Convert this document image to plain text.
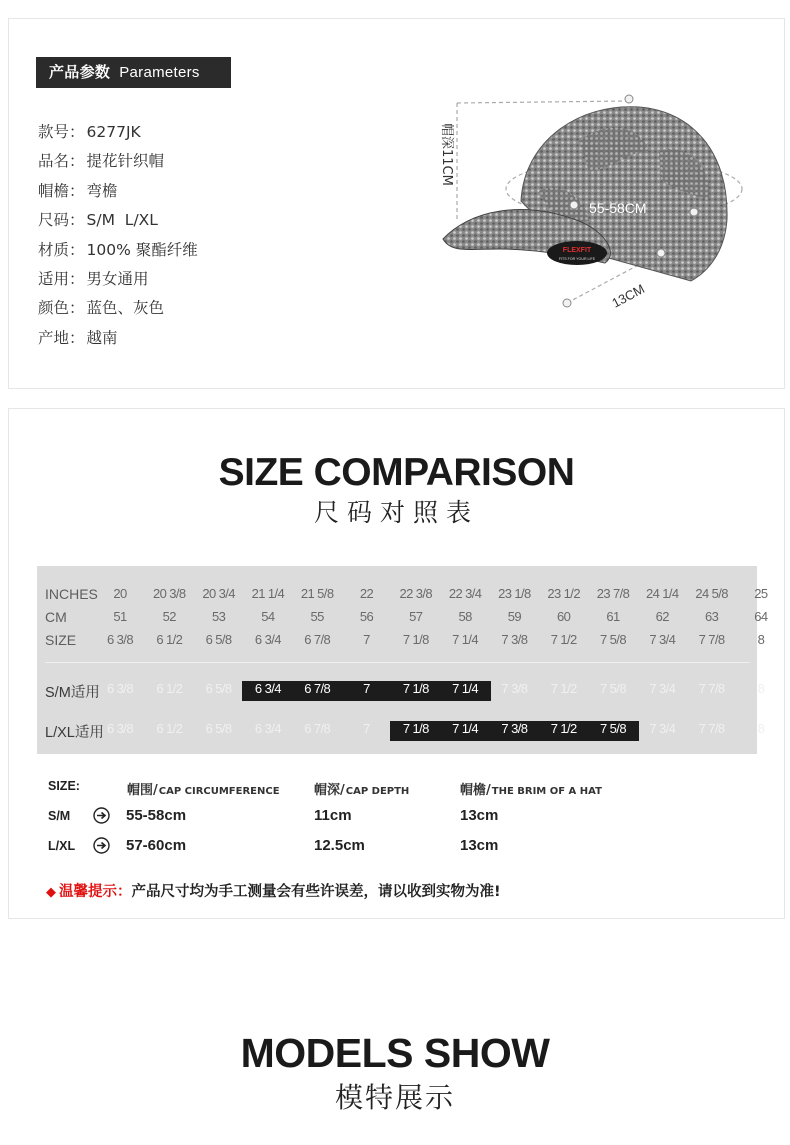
产品参数 Parameters
款号： 6277JK
品名： 提花针织帽
帽檐： 弯檐
尺码： S/M  L/XL
材质： 100% 聚酯纤维
适用： 男女通用
颜色： 蓝色、灰色
产地： 越南
FLEXFIT
FITS FOR YOUR LIFE
帽深11CM
55-58CM
13CM
SIZE COMPARISON
尺码对照表
INCHES	20	20 3/8	20 3/4	21 1/4	21 5/8	22	22 3/8	22 3/4	23 1/8	23 1/2	23 7/8	24 1/4	24 5/8	25
CM	51	52	53	54	55	56	57	58	59	60	61	62	63	64
SIZE	6 3/8	6 1/2	6 5/8	6 3/4	6 7/8	7	7 1/8	7 1/4	7 3/8	7 1/2	7 5/8	7 3/4	7 7/8	8
S/M适用 6 3/8	6 1/2	6 5/8	6 3/4	6 7/8	7	7 1/8	7 1/4	7 3/8	7 1/2	7 5/8	7 3/4	7 7/8	8
L/XL适用 6 3/8	6 1/2	6 5/8	6 3/4	6 7/8	7	7 1/8	7 1/4	7 3/8	7 1/2	7 5/8	7 3/4	7 7/8	8
SIZE:	帽围/CAP CIRCUMFERENCE	帽深/CAP DEPTH	帽檐/THE BRIM OF A HAT
S/M	55-58cm	11cm	13cm
L/XL	57-60cm	12.5cm	13cm
◆ 温馨提示：产品尺寸均为手工测量会有些许误差，请以收到实物为准!
MODELS SHOW
模特展示
